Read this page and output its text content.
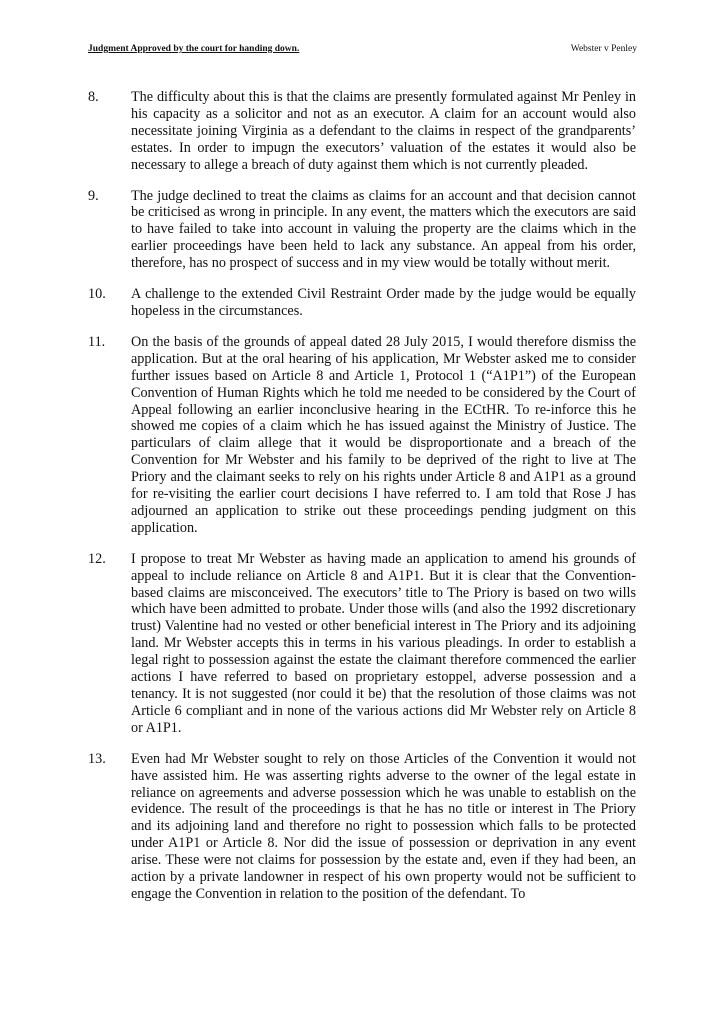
Judgment Approved by the court for handing down.	Webster v Penley
8.	The difficulty about this is that the claims are presently formulated against Mr Penley in his capacity as a solicitor and not as an executor. A claim for an account would also necessitate joining Virginia as a defendant to the claims in respect of the grandparents’ estates. In order to impugn the executors’ valuation of the estates it would also be necessary to allege a breach of duty against them which is not currently pleaded.
9.	The judge declined to treat the claims as claims for an account and that decision cannot be criticised as wrong in principle. In any event, the matters which the executors are said to have failed to take into account in valuing the property are the claims which in the earlier proceedings have been held to lack any substance. An appeal from his order, therefore, has no prospect of success and in my view would be totally without merit.
10.	A challenge to the extended Civil Restraint Order made by the judge would be equally hopeless in the circumstances.
11.	On the basis of the grounds of appeal dated 28 July 2015, I would therefore dismiss the application. But at the oral hearing of his application, Mr Webster asked me to consider further issues based on Article 8 and Article 1, Protocol 1 (“A1P1”) of the European Convention of Human Rights which he told me needed to be considered by the Court of Appeal following an earlier inconclusive hearing in the ECtHR. To re-inforce this he showed me copies of a claim which he has issued against the Ministry of Justice. The particulars of claim allege that it would be disproportionate and a breach of the Convention for Mr Webster and his family to be deprived of the right to live at The Priory and the claimant seeks to rely on his rights under Article 8 and A1P1 as a ground for re-visiting the earlier court decisions I have referred to. I am told that Rose J has adjourned an application to strike out these proceedings pending judgment on this application.
12.	I propose to treat Mr Webster as having made an application to amend his grounds of appeal to include reliance on Article 8 and A1P1. But it is clear that the Convention-based claims are misconceived. The executors’ title to The Priory is based on two wills which have been admitted to probate. Under those wills (and also the 1992 discretionary trust) Valentine had no vested or other beneficial interest in The Priory and its adjoining land. Mr Webster accepts this in terms in his various pleadings. In order to establish a legal right to possession against the estate the claimant therefore commenced the earlier actions I have referred to based on proprietary estoppel, adverse possession and a tenancy. It is not suggested (nor could it be) that the resolution of those claims was not Article 6 compliant and in none of the various actions did Mr Webster rely on Article 8 or A1P1.
13.	Even had Mr Webster sought to rely on those Articles of the Convention it would not have assisted him. He was asserting rights adverse to the owner of the legal estate in reliance on agreements and adverse possession which he was unable to establish on the evidence. The result of the proceedings is that he has no title or interest in The Priory and its adjoining land and therefore no right to possession which falls to be protected under A1P1 or Article 8. Nor did the issue of possession or deprivation in any event arise. These were not claims for possession by the estate and, even if they had been, an action by a private landowner in respect of his own property would not be sufficient to engage the Convention in relation to the position of the defendant. To
